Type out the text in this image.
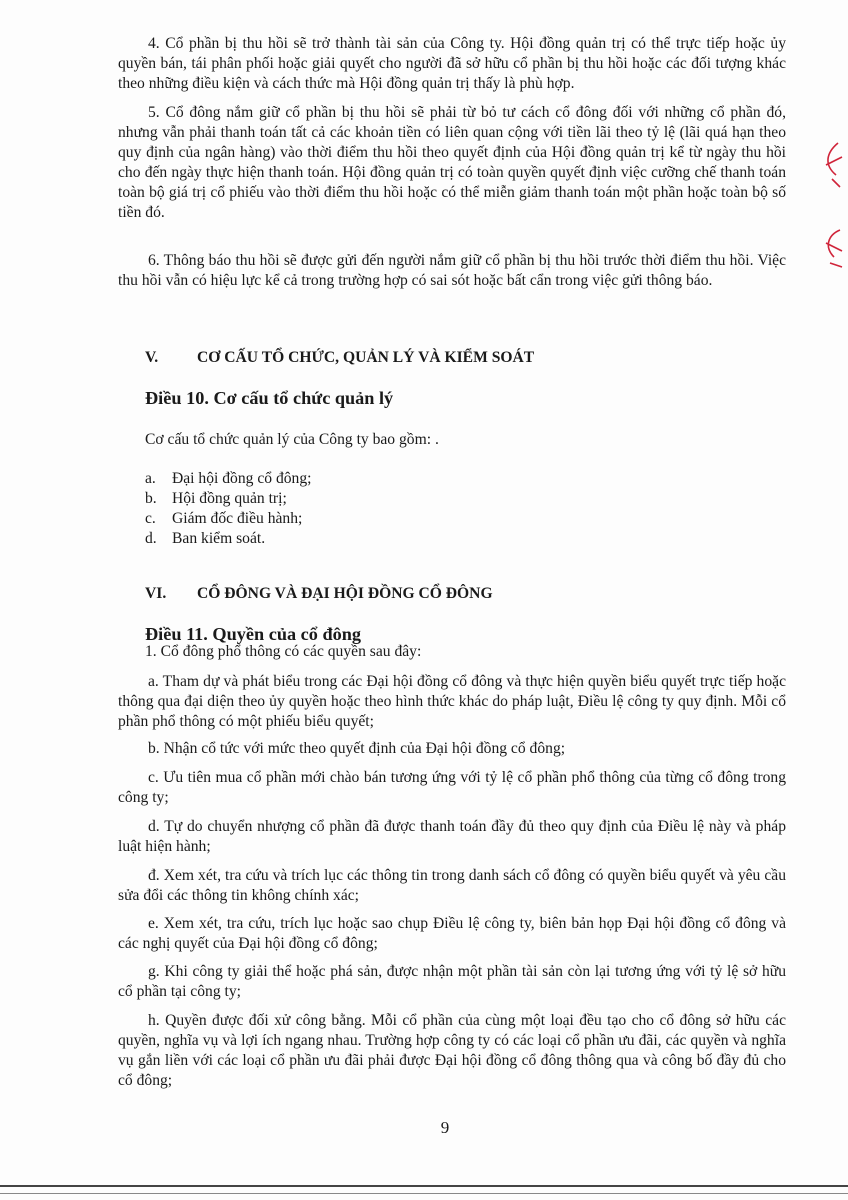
4. Cổ phần bị thu hồi sẽ trở thành tài sản của Công ty. Hội đồng quản trị có thể trực tiếp hoặc ủy quyền bán, tái phân phối hoặc giải quyết cho người đã sở hữu cổ phần bị thu hồi hoặc các đối tượng khác theo những điều kiện và cách thức mà Hội đồng quản trị thấy là phù hợp.

5. Cổ đông nắm giữ cổ phần bị thu hồi sẽ phải từ bỏ tư cách cổ đông đối với những cổ phần đó, nhưng vẫn phải thanh toán tất cả các khoản tiền có liên quan cộng với tiền lãi theo tỷ lệ (lãi quá hạn theo quy định của ngân hàng) vào thời điểm thu hồi theo quyết định của Hội đồng quản trị kể từ ngày thu hồi cho đến ngày thực hiện thanh toán. Hội đồng quản trị có toàn quyền quyết định việc cưỡng chế thanh toán toàn bộ giá trị cổ phiếu vào thời điểm thu hồi hoặc có thể miễn giảm thanh toán một phần hoặc toàn bộ số tiền đó.

6. Thông báo thu hồi sẽ được gửi đến người nắm giữ cổ phần bị thu hồi trước thời điểm thu hồi. Việc thu hồi vẫn có hiệu lực kể cả trong trường hợp có sai sót hoặc bất cẩn trong việc gửi thông báo.

V. CƠ CẤU TỔ CHỨC, QUẢN LÝ VÀ KIỂM SOÁT
Điều 10. Cơ cấu tổ chức quản lý

Cơ cấu tổ chức quản lý của Công ty bao gồm: .

a. Đại hội đồng cổ đông;
b. Hội đồng quản trị;
c. Giám đốc điều hành;
d. Ban kiểm soát.
VI. CỔ ĐÔNG VÀ ĐẠI HỘI ĐỒNG CỔ ĐÔNG
Điều 11. Quyền của cổ đông

1. Cổ đông phổ thông có các quyền sau đây:

a. Tham dự và phát biểu trong các Đại hội đồng cổ đông và thực hiện quyền biểu quyết trực tiếp hoặc thông qua đại diện theo ủy quyền hoặc theo hình thức khác do pháp luật, Điều lệ công ty quy định. Mỗi cổ phần phổ thông có một phiếu biểu quyết;

b. Nhận cổ tức với mức theo quyết định của Đại hội đồng cổ đông;

c. Ưu tiên mua cổ phần mới chào bán tương ứng với tỷ lệ cổ phần phổ thông của từng cổ đông trong công ty;

d. Tự do chuyển nhượng cổ phần đã được thanh toán đầy đủ theo quy định của Điều lệ này và pháp luật hiện hành;

đ. Xem xét, tra cứu và trích lục các thông tin trong danh sách cổ đông có quyền biểu quyết và yêu cầu sửa đổi các thông tin không chính xác;

e. Xem xét, tra cứu, trích lục hoặc sao chụp Điều lệ công ty, biên bản họp Đại hội đồng cổ đông và các nghị quyết của Đại hội đồng cổ đông;

g. Khi công ty giải thể hoặc phá sản, được nhận một phần tài sản còn lại tương ứng với tỷ lệ sở hữu cổ phần tại công ty;

h. Quyền được đối xử công bằng. Mỗi cổ phần của cùng một loại đều tạo cho cổ đông sở hữu các quyền, nghĩa vụ và lợi ích ngang nhau. Trường hợp công ty có các loại cổ phần ưu đãi, các quyền và nghĩa vụ gắn liền với các loại cổ phần ưu đãi phải được Đại hội đồng cổ đông thông qua và công bố đầy đủ cho cổ đông;

9
